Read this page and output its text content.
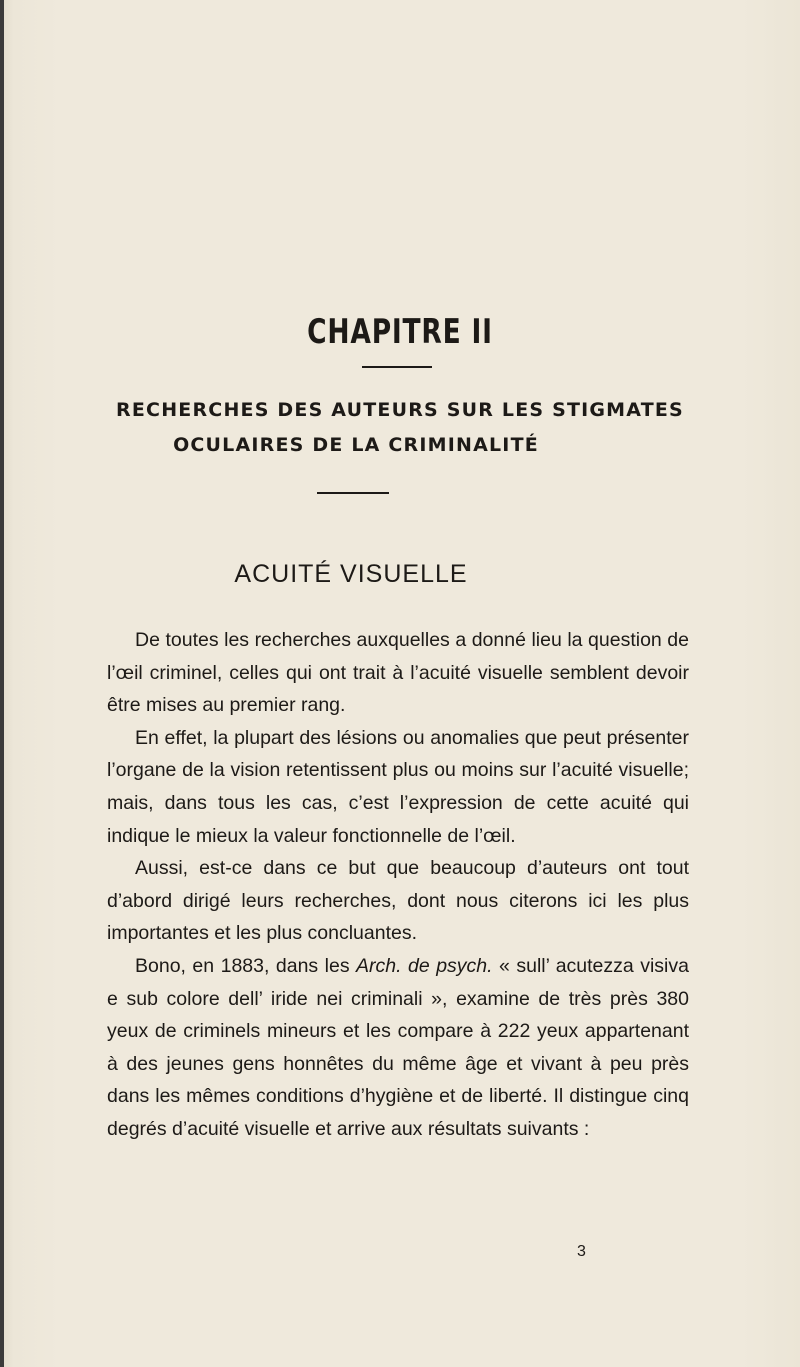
CHAPITRE II
RECHERCHES DES AUTEURS SUR LES STIGMATES
OCULAIRES DE LA CRIMINALITÉ
ACUITÉ VISUELLE

De toutes les recherches auxquelles a donné lieu la question de l’œil criminel, celles qui ont trait à l’acuité visuelle semblent devoir être mises au premier rang.

En effet, la plupart des lésions ou anomalies que peut présenter l’organe de la vision retentissent plus ou moins sur l’acuité visuelle; mais, dans tous les cas, c’est l’expression de cette acuité qui indique le mieux la valeur fonctionnelle de l’œil.

Aussi, est-ce dans ce but que beaucoup d’auteurs ont tout d’abord dirigé leurs recherches, dont nous citerons ici les plus importantes et les plus concluantes.

Bono, en 1883, dans les Arch. de psych. « sull’ acutezza visiva e sub colore dell’ iride nei criminali », examine de très près 380 yeux de criminels mineurs et les compare à 222 yeux appartenant à des jeunes gens honnêtes du même âge et vivant à peu près dans les mêmes conditions d’hygiène et de liberté. Il distingue cinq degrés d’acuité visuelle et arrive aux résultats suivants :

3
